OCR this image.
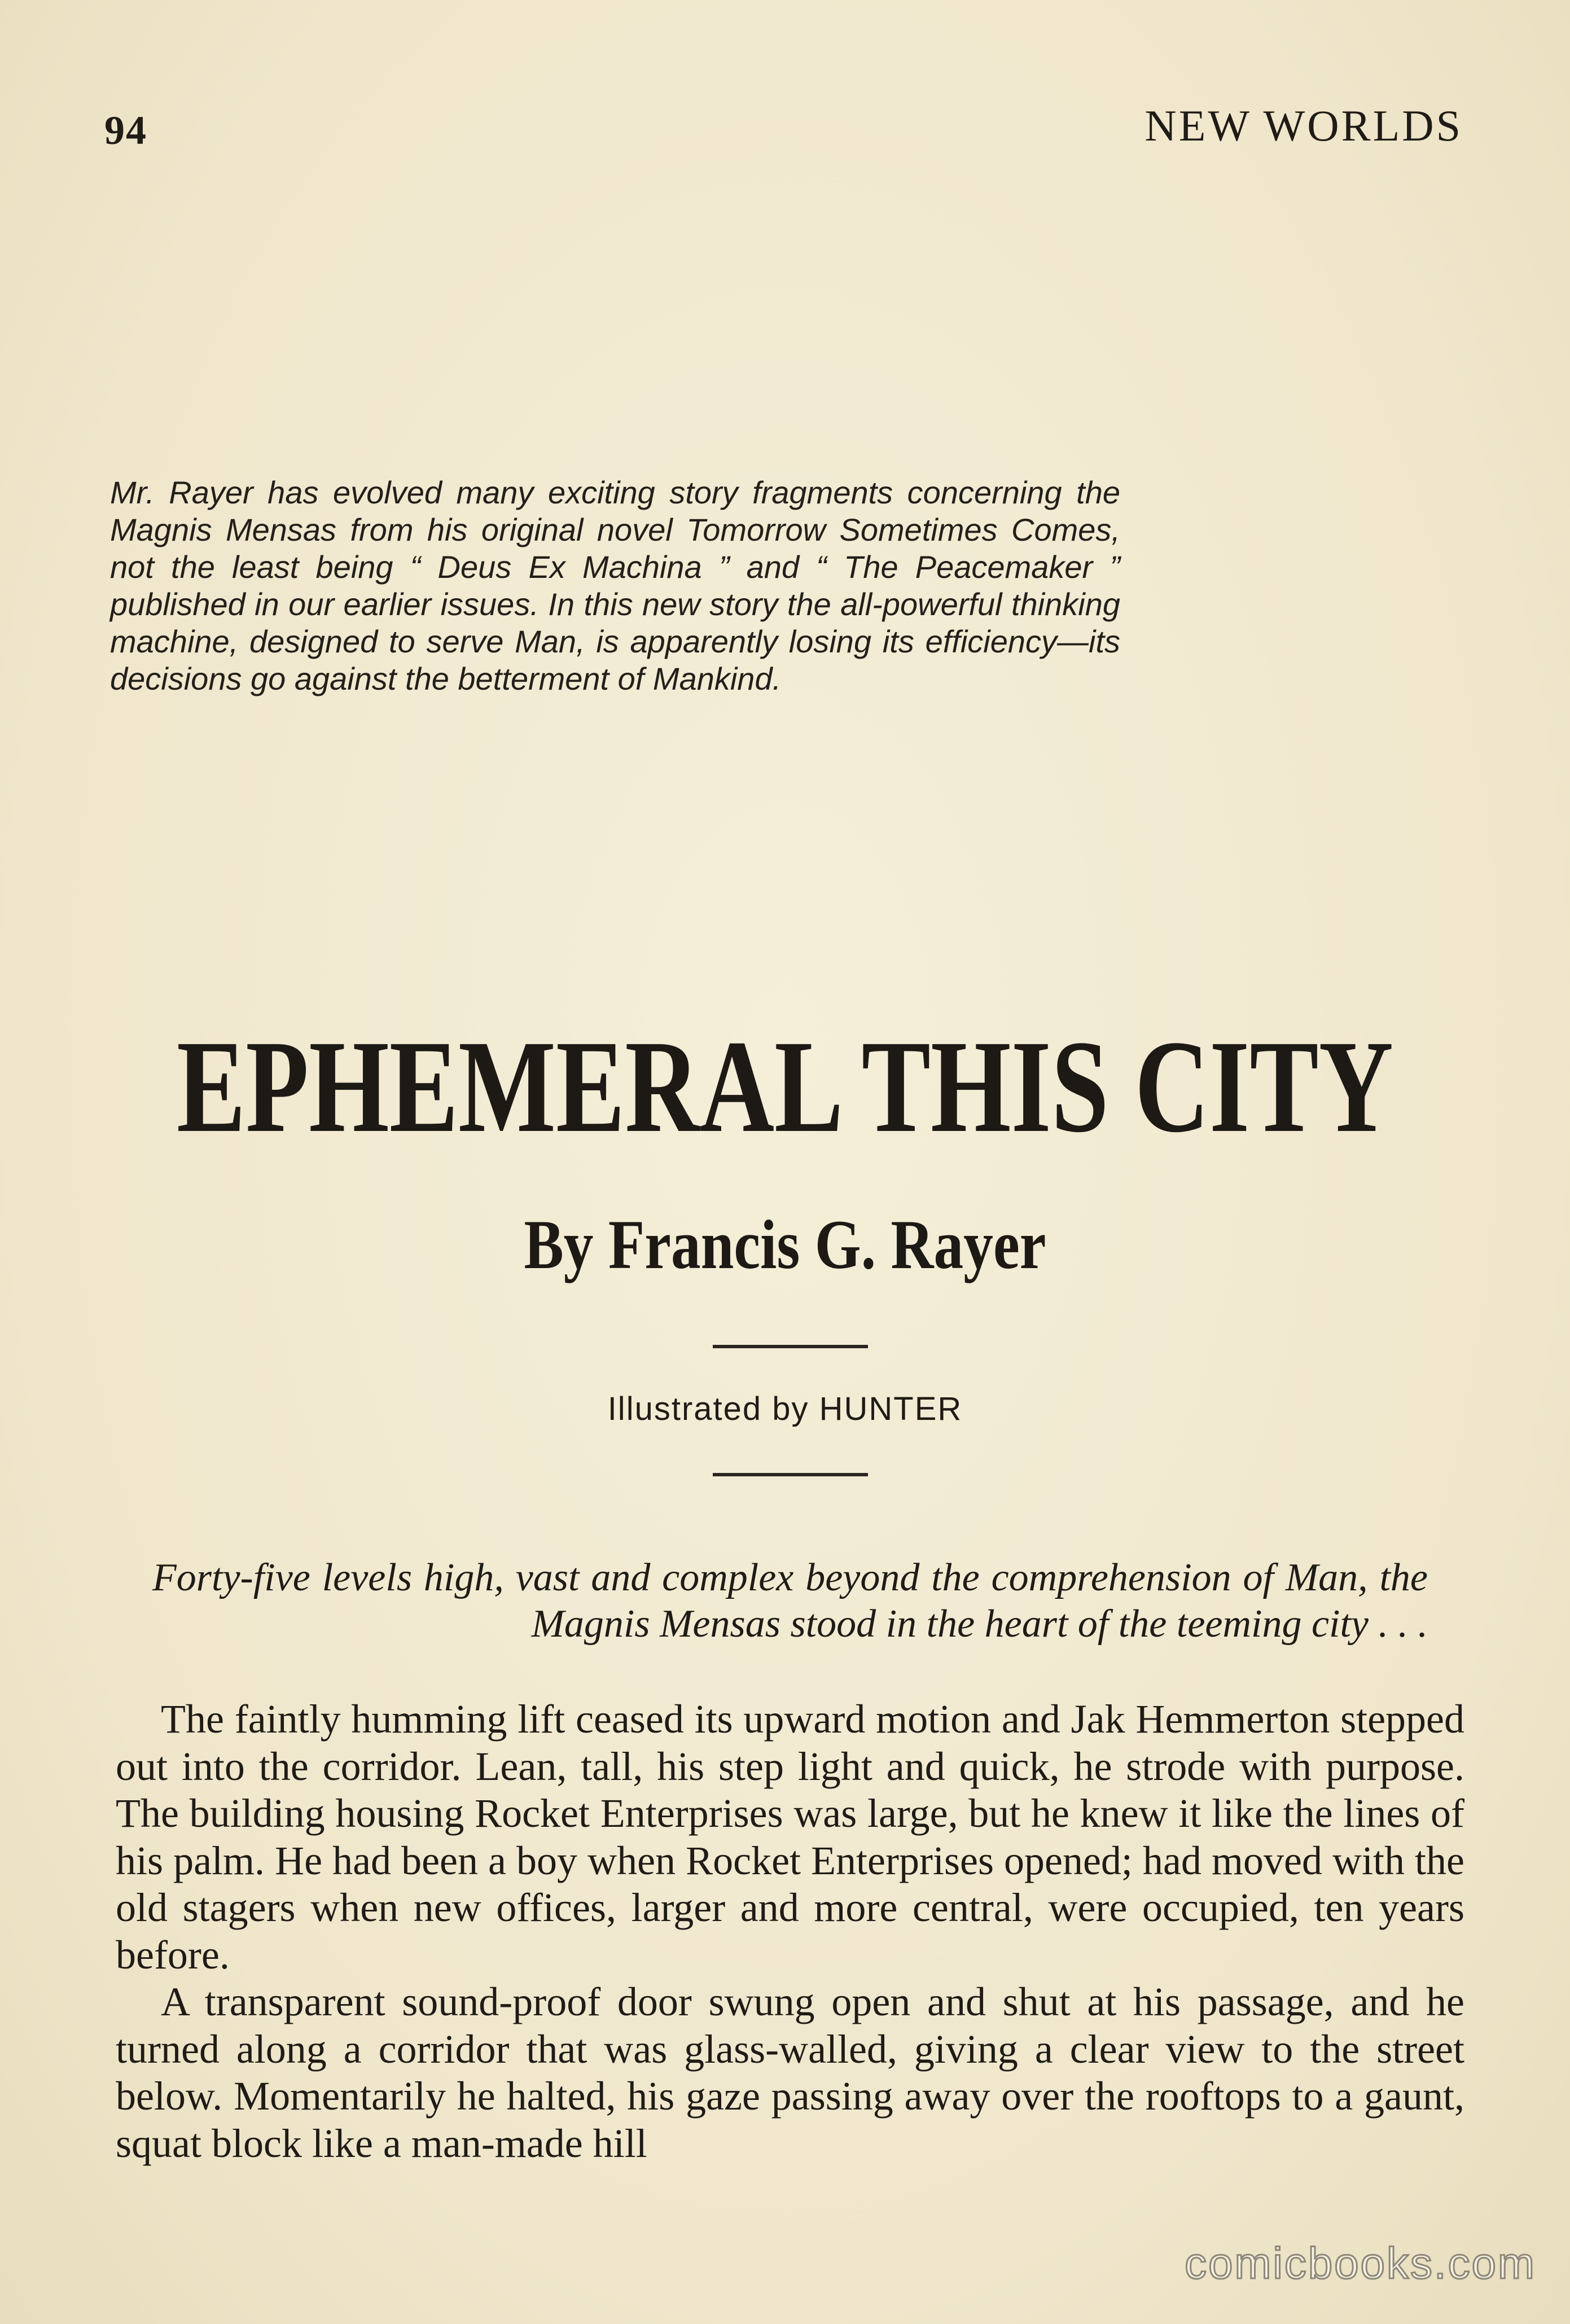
94	NEW WORLDS
Mr. Rayer has evolved many exciting story fragments concerning the Magnis Mensas from his original novel Tomorrow Sometimes Comes, not the least being “ Deus Ex Machina ” and “ The Peacemaker ” published in our earlier issues. In this new story the all-powerful thinking machine, designed to serve Man, is apparently losing its efficiency—its decisions go against the betterment of Mankind.
EPHEMERAL THIS CITY
By Francis G. Rayer
Illustrated by HUNTER
Forty-five levels high, vast and complex beyond the comprehension of Man, the Magnis Mensas stood in the heart of the teeming city . . .

The faintly humming lift ceased its upward motion and Jak Hemmerton stepped out into the corridor. Lean, tall, his step light and quick, he strode with purpose. The building housing Rocket Enterprises was large, but he knew it like the lines of his palm. He had been a boy when Rocket Enterprises opened; had moved with the old stagers when new offices, larger and more central, were occupied, ten years before.

A transparent sound-proof door swung open and shut at his passage, and he turned along a corridor that was glass-walled, giving a clear view to the street below. Momentarily he halted, his gaze passing away over the rooftops to a gaunt, squat block like a man-made hill

comicbooks.com
